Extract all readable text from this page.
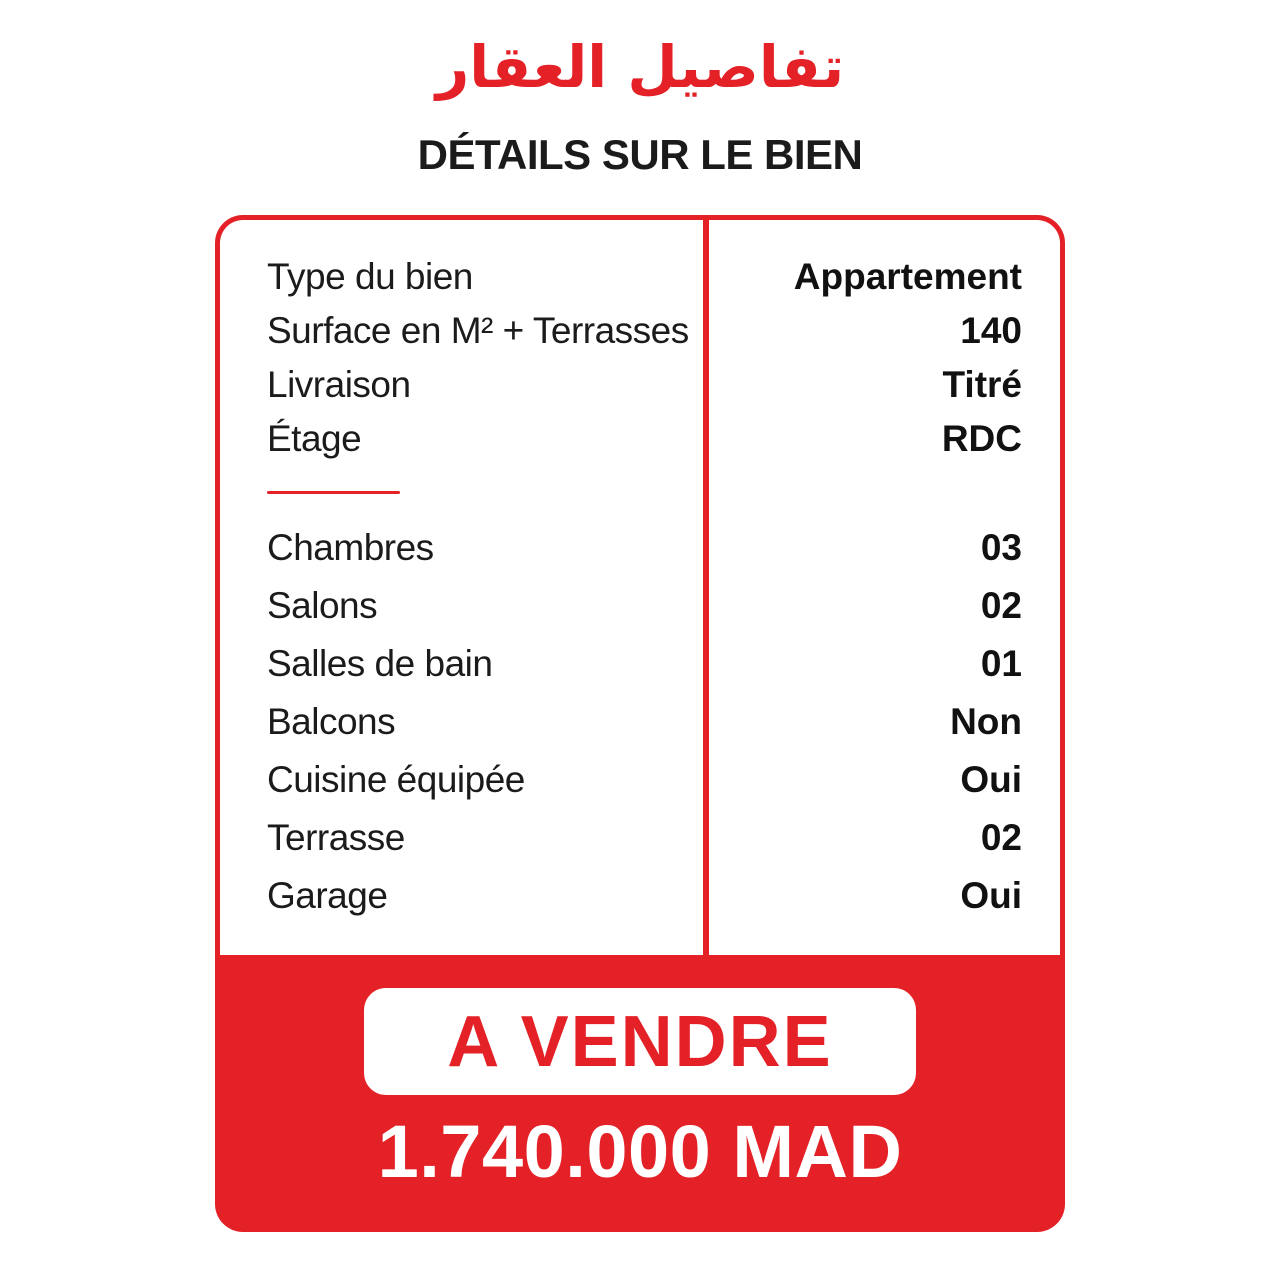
تفاصيل العقار
DÉTAILS SUR LE BIEN
Type du bien	Appartement
Surface en M² + Terrasses	140
Livraison	Titré
Étage	RDC
Chambres	03
Salons	02
Salles de bain	01
Balcons	Non
Cuisine équipée	Oui
Terrasse	02
Garage	Oui
A VENDRE
1.740.000 MAD
